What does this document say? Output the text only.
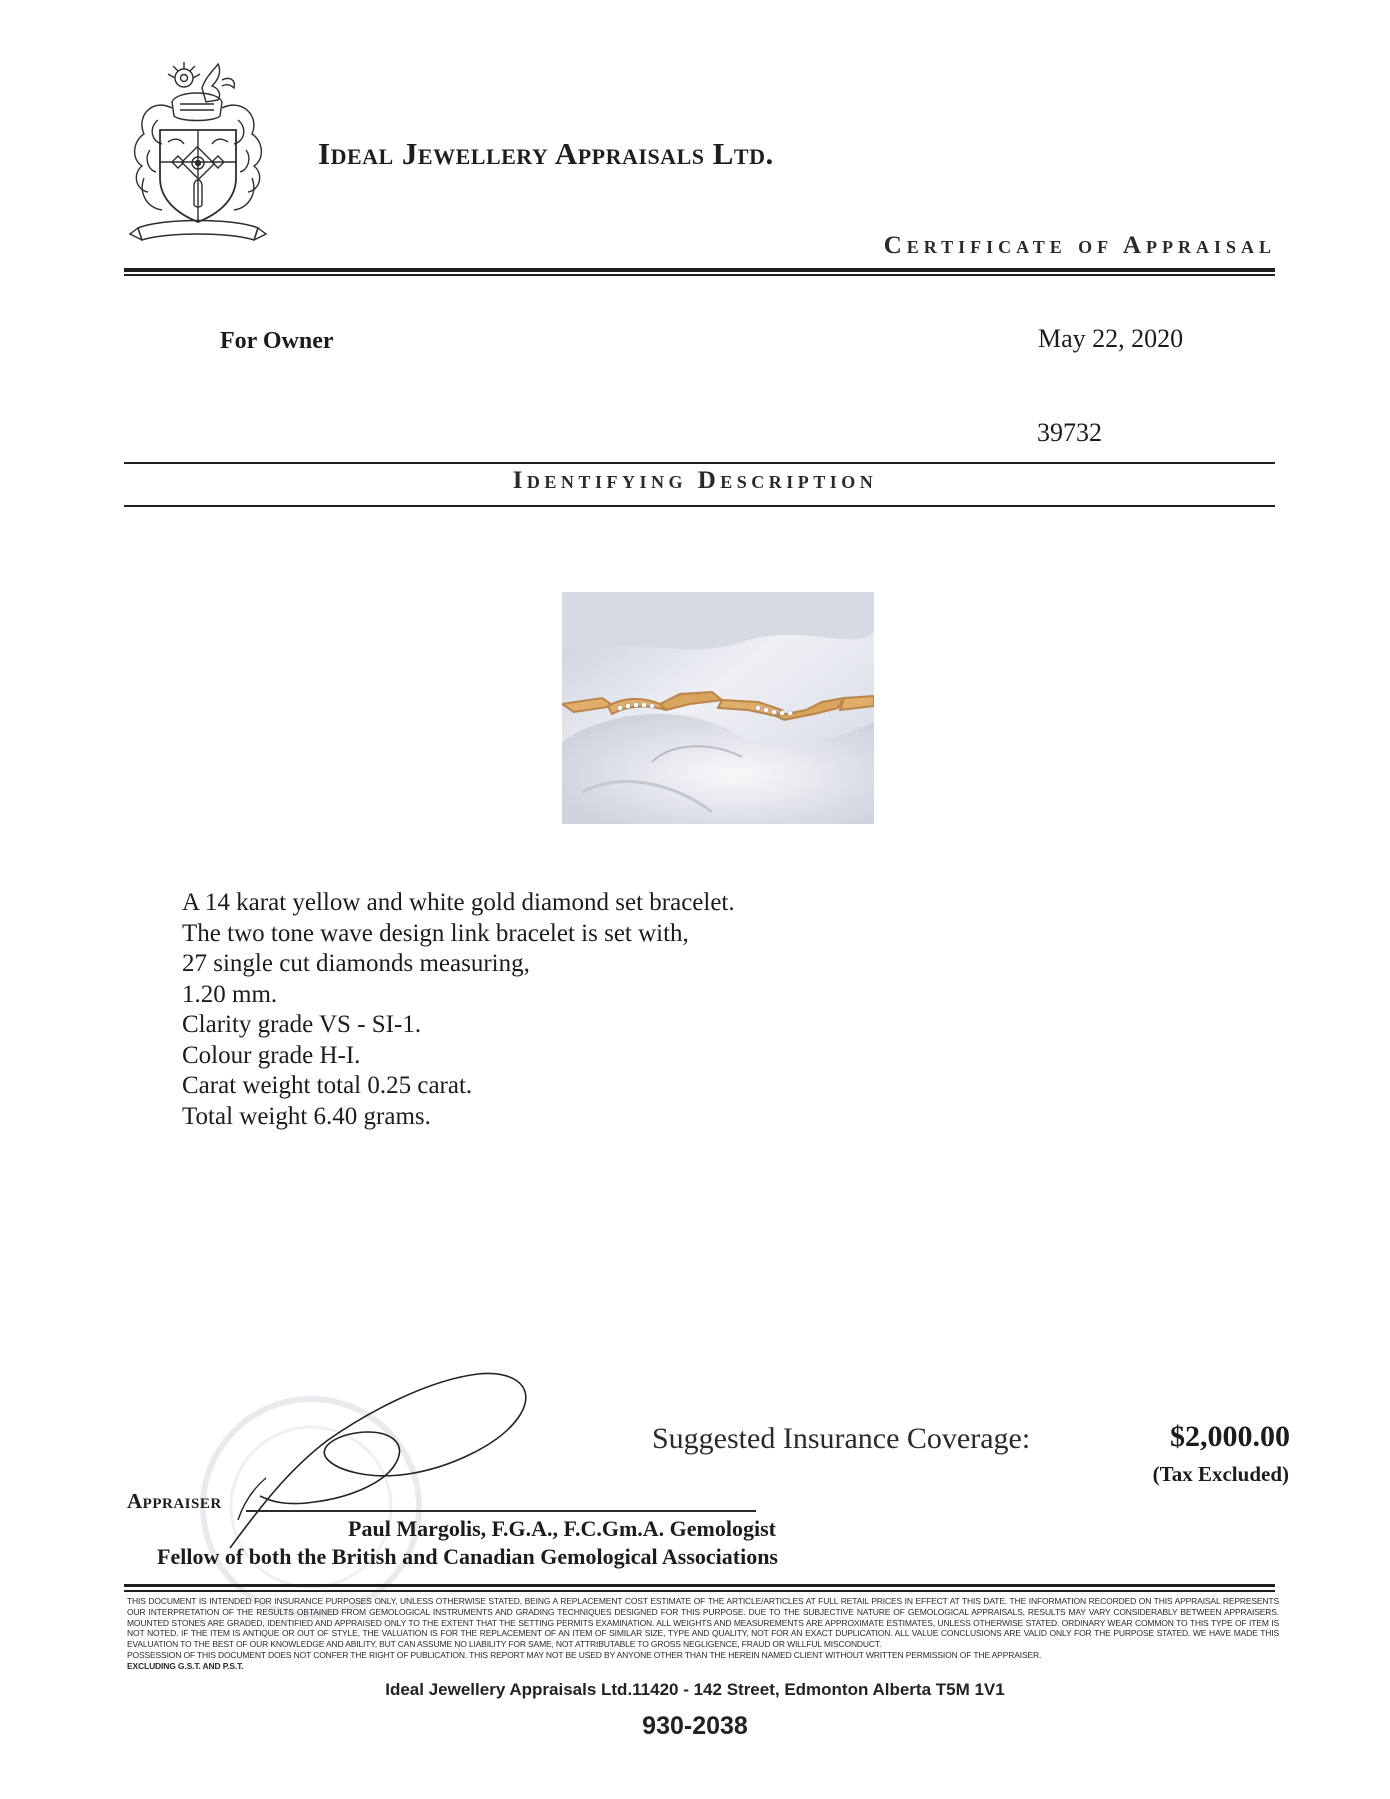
Ideal Jewellery Appraisals Ltd.
Certificate of Appraisal
For Owner	May 22, 2020
39732
Identifying Description
A 14 karat yellow and white gold diamond set bracelet.
The two tone wave design link bracelet is set with,
27 single cut diamonds measuring,
1.20 mm.
Clarity grade VS - SI-1.
Colour grade H-I.
Carat weight total 0.25 carat.
Total weight 6.40 grams.
Suggested Insurance Coverage:	$2,000.00
(Tax Excluded)
Appraiser
Paul Margolis, F.G.A., F.C.Gm.A. Gemologist
Fellow of both the British and Canadian Gemological Associations
THIS DOCUMENT IS INTENDED FOR INSURANCE PURPOSES ONLY, UNLESS OTHERWISE STATED, BEING A REPLACEMENT COST ESTIMATE OF THE ARTICLE/ARTICLES AT FULL RETAIL PRICES IN EFFECT AT THIS DATE. THE INFORMATION RECORDED ON THIS APPRAISAL REPRESENTS OUR INTERPRETATION OF THE RESULTS OBTAINED FROM GEMOLOGICAL INSTRUMENTS AND GRADING TECHNIQUES DESIGNED FOR THIS PURPOSE. DUE TO THE SUBJECTIVE NATURE OF GEMOLOGICAL APPRAISALS, RESULTS MAY VARY CONSIDERABLY BETWEEN APPRAISERS. MOUNTED STONES ARE GRADED, IDENTIFIED AND APPRAISED ONLY TO THE EXTENT THAT THE SETTING PERMITS EXAMINATION. ALL WEIGHTS AND MEASUREMENTS ARE APPROXIMATE ESTIMATES, UNLESS OTHERWISE STATED. ORDINARY WEAR COMMON TO THIS TYPE OF ITEM IS NOT NOTED. IF THE ITEM IS ANTIQUE OR OUT OF STYLE, THE VALUATION IS FOR THE REPLACEMENT OF AN ITEM OF SIMILAR SIZE, TYPE AND QUALITY, NOT FOR AN EXACT DUPLICATION. ALL VALUE CONCLUSIONS ARE VALID ONLY FOR THE PURPOSE STATED. WE HAVE MADE THIS EVALUATION TO THE BEST OF OUR KNOWLEDGE AND ABILITY, BUT CAN ASSUME NO LIABILITY FOR SAME, NOT ATTRIBUTABLE TO GROSS NEGLIGENCE, FRAUD OR WILLFUL MISCONDUCT.
POSSESSION OF THIS DOCUMENT DOES NOT CONFER THE RIGHT OF PUBLICATION. THIS REPORT MAY NOT BE USED BY ANYONE OTHER THAN THE HEREIN NAMED CLIENT WITHOUT WRITTEN PERMISSION OF THE APPRAISER.
EXCLUDING G.S.T. AND P.S.T.
Ideal Jewellery Appraisals Ltd.11420 - 142 Street, Edmonton Alberta T5M 1V1
930-2038
